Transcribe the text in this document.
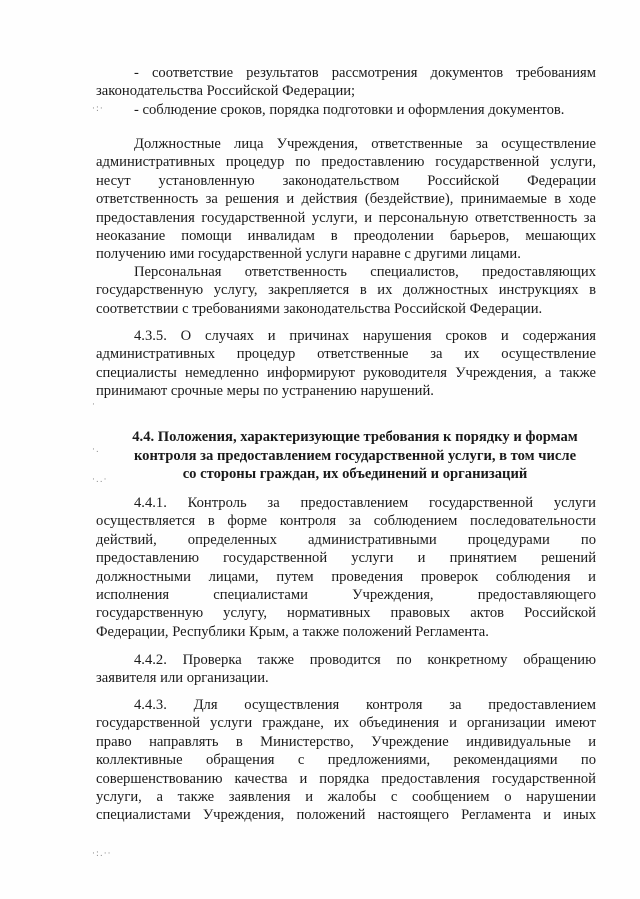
- соответствие результатов рассмотрения документов требованиям
законодательства Российской Федерации;
- соблюдение сроков, порядка подготовки и оформления документов.
Должностные лица Учреждения, ответственные за осуществление
административных процедур по предоставлению государственной услуги,
несут установленную законодательством Российской Федерации
ответственность за решения и действия (бездействие), принимаемые в ходе
предоставления государственной услуги, и персональную ответственность за
неоказание помощи инвалидам в преодолении барьеров, мешающих
получению ими государственной услуги наравне с другими лицами.
Персональная ответственность специалистов, предоставляющих
государственную услугу, закрепляется в их должностных инструкциях в
соответствии с требованиями законодательства Российской Федерации.
4.3.5. О случаях и причинах нарушения сроков и содержания
административных процедур ответственные за их осуществление
специалисты немедленно информируют руководителя Учреждения, а также
принимают срочные меры по устранению нарушений.
4.4. Положения, характеризующие требования к порядку и формам
контроля за предоставлением государственной услуги, в том числе
со стороны граждан, их объединений и организаций
4.4.1. Контроль за предоставлением государственной услуги
осуществляется в форме контроля за соблюдением последовательности
действий, определенных административными процедурами по
предоставлению государственной услуги и принятием решений
должностными лицами, путем проведения проверок соблюдения и
исполнения специалистами Учреждения, предоставляющего
государственную услугу, нормативных правовых актов Российской
Федерации, Республики Крым, а также положений Регламента.
4.4.2. Проверка также проводится по конкретному обращению
заявителя или организации.
4.4.3. Для осуществления контроля за предоставлением
государственной услуги граждане, их объединения и организации имеют
право направлять в Министерство, Учреждение индивидуальные и
коллективные обращения с предложениями, рекомендациями по
совершенствованию качества и порядка предоставления государственной
услуги, а также заявления и жалобы с сообщением о нарушении
специалистами Учреждения, положений настоящего Регламента и иных
·:·
·
·.
·..·
·:.··
